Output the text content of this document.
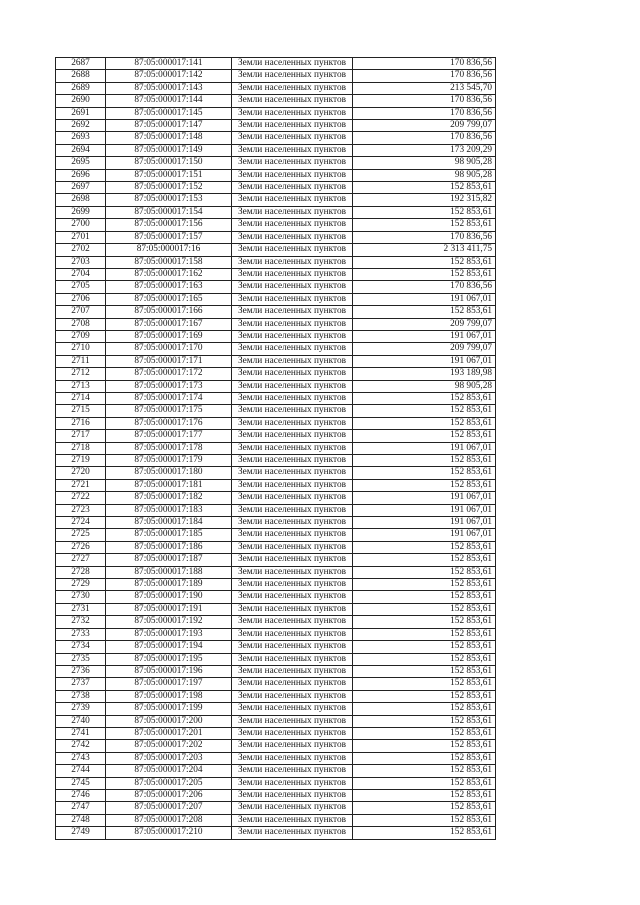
2687	87:05:000017:141	Земли населенных пунктов	170 836,56
2688	87:05:000017:142	Земли населенных пунктов	170 836,56
2689	87:05:000017:143	Земли населенных пунктов	213 545,70
2690	87:05:000017:144	Земли населенных пунктов	170 836,56
2691	87:05:000017:145	Земли населенных пунктов	170 836,56
2692	87:05:000017:147	Земли населенных пунктов	209 799,07
2693	87:05:000017:148	Земли населенных пунктов	170 836,56
2694	87:05:000017:149	Земли населенных пунктов	173 209,29
2695	87:05:000017:150	Земли населенных пунктов	98 905,28
2696	87:05:000017:151	Земли населенных пунктов	98 905,28
2697	87:05:000017:152	Земли населенных пунктов	152 853,61
2698	87:05:000017:153	Земли населенных пунктов	192 315,82
2699	87:05:000017:154	Земли населенных пунктов	152 853,61
2700	87:05:000017:156	Земли населенных пунктов	152 853,61
2701	87:05:000017:157	Земли населенных пунктов	170 836,56
2702	87:05:000017:16	Земли населенных пунктов	2 313 411,75
2703	87:05:000017:158	Земли населенных пунктов	152 853,61
2704	87:05:000017:162	Земли населенных пунктов	152 853,61
2705	87:05:000017:163	Земли населенных пунктов	170 836,56
2706	87:05:000017:165	Земли населенных пунктов	191 067,01
2707	87:05:000017:166	Земли населенных пунктов	152 853,61
2708	87:05:000017:167	Земли населенных пунктов	209 799,07
2709	87:05:000017:169	Земли населенных пунктов	191 067,01
2710	87:05:000017:170	Земли населенных пунктов	209 799,07
2711	87:05:000017:171	Земли населенных пунктов	191 067,01
2712	87:05:000017:172	Земли населенных пунктов	193 189,98
2713	87:05:000017:173	Земли населенных пунктов	98 905,28
2714	87:05:000017:174	Земли населенных пунктов	152 853,61
2715	87:05:000017:175	Земли населенных пунктов	152 853,61
2716	87:05:000017:176	Земли населенных пунктов	152 853,61
2717	87:05:000017:177	Земли населенных пунктов	152 853,61
2718	87:05:000017:178	Земли населенных пунктов	191 067,01
2719	87:05:000017:179	Земли населенных пунктов	152 853,61
2720	87:05:000017:180	Земли населенных пунктов	152 853,61
2721	87:05:000017:181	Земли населенных пунктов	152 853,61
2722	87:05:000017:182	Земли населенных пунктов	191 067,01
2723	87:05:000017:183	Земли населенных пунктов	191 067,01
2724	87:05:000017:184	Земли населенных пунктов	191 067,01
2725	87:05:000017:185	Земли населенных пунктов	191 067,01
2726	87:05:000017:186	Земли населенных пунктов	152 853,61
2727	87:05:000017:187	Земли населенных пунктов	152 853,61
2728	87:05:000017:188	Земли населенных пунктов	152 853,61
2729	87:05:000017:189	Земли населенных пунктов	152 853,61
2730	87:05:000017:190	Земли населенных пунктов	152 853,61
2731	87:05:000017:191	Земли населенных пунктов	152 853,61
2732	87:05:000017:192	Земли населенных пунктов	152 853,61
2733	87:05:000017:193	Земли населенных пунктов	152 853,61
2734	87:05:000017:194	Земли населенных пунктов	152 853,61
2735	87:05:000017:195	Земли населенных пунктов	152 853,61
2736	87:05:000017:196	Земли населенных пунктов	152 853,61
2737	87:05:000017:197	Земли населенных пунктов	152 853,61
2738	87:05:000017:198	Земли населенных пунктов	152 853,61
2739	87:05:000017:199	Земли населенных пунктов	152 853,61
2740	87:05:000017:200	Земли населенных пунктов	152 853,61
2741	87:05:000017:201	Земли населенных пунктов	152 853,61
2742	87:05:000017:202	Земли населенных пунктов	152 853,61
2743	87:05:000017:203	Земли населенных пунктов	152 853,61
2744	87:05:000017:204	Земли населенных пунктов	152 853,61
2745	87:05:000017:205	Земли населенных пунктов	152 853,61
2746	87:05:000017:206	Земли населенных пунктов	152 853,61
2747	87:05:000017:207	Земли населенных пунктов	152 853,61
2748	87:05:000017:208	Земли населенных пунктов	152 853,61
2749	87:05:000017:210	Земли населенных пунктов	152 853,61
